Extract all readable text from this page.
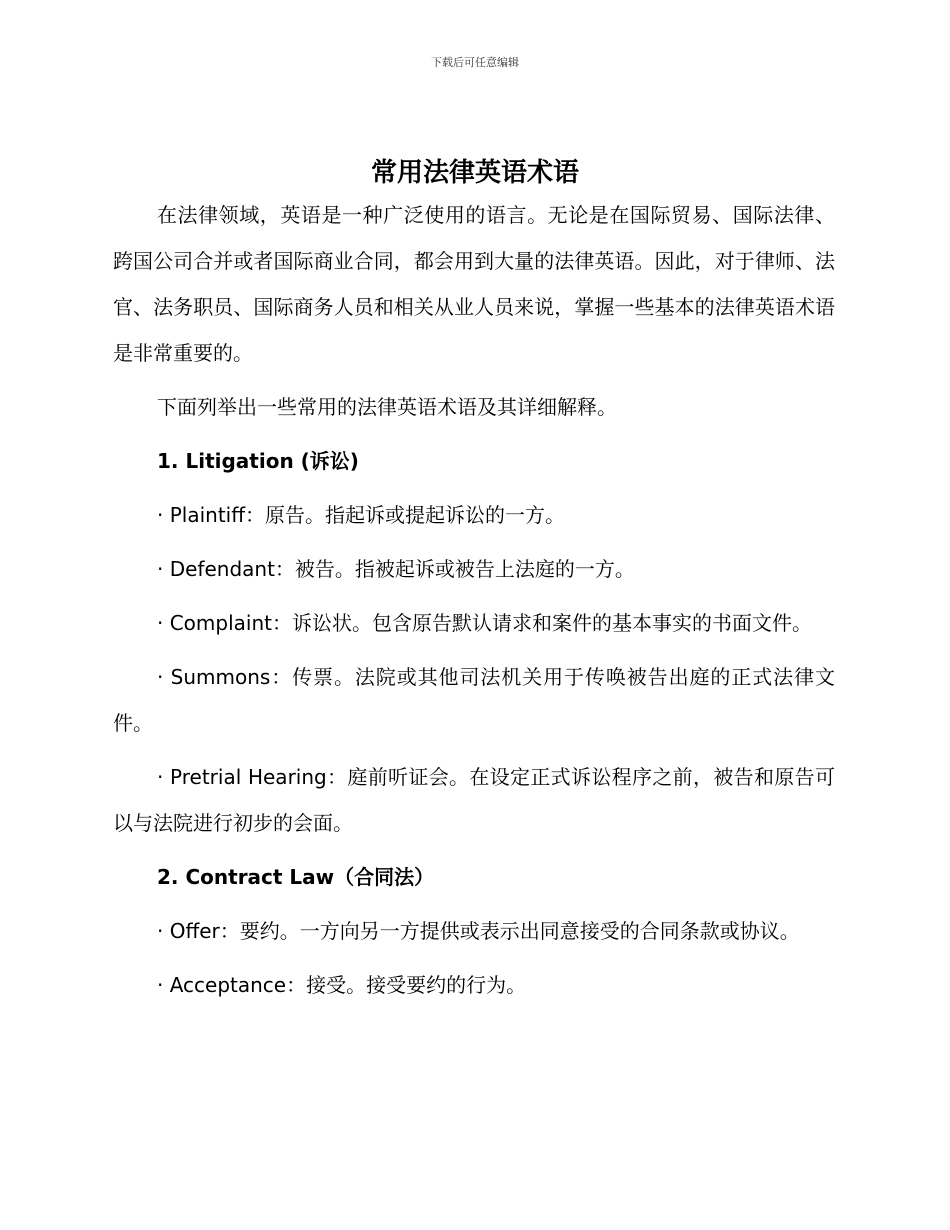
下载后可任意编辑
常用法律英语术语

在法律领域，英语是一种广泛使用的语言。无论是在国际贸易、国际法律、跨国公司合并或者国际商业合同，都会用到大量的法律英语。因此，对于律师、法官、法务职员、国际商务人员和相关从业人员来说，掌握一些基本的法律英语术语是非常重要的。

下面列举出一些常用的法律英语术语及其详细解释。

1. Litigation (诉讼)

· Plaintiff：原告。指起诉或提起诉讼的一方。

· Defendant：被告。指被起诉或被告上法庭的一方。

· Complaint：诉讼状。包含原告默认请求和案件的基本事实的书面文件。

· Summons：传票。法院或其他司法机关用于传唤被告出庭的正式法律文件。

· Pretrial Hearing：庭前听证会。在设定正式诉讼程序之前，被告和原告可以与法院进行初步的会面。

2. Contract Law（合同法）

· Offer：要约。一方向另一方提供或表示出同意接受的合同条款或协议。

· Acceptance：接受。接受要约的行为。
